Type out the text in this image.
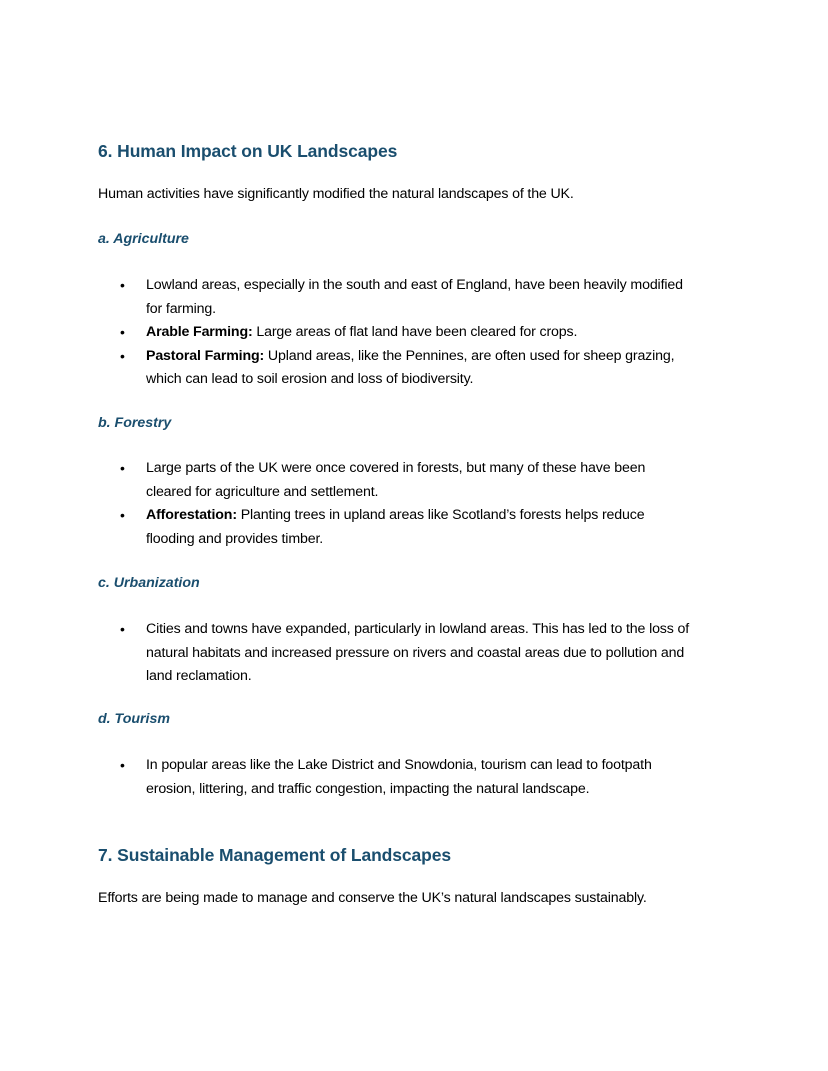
6. Human Impact on UK Landscapes
Human activities have significantly modified the natural landscapes of the UK.
a. Agriculture
• Lowland areas, especially in the south and east of England, have been heavily modified
for farming.
• Arable Farming: Large areas of flat land have been cleared for crops.
• Pastoral Farming: Upland areas, like the Pennines, are often used for sheep grazing,
which can lead to soil erosion and loss of biodiversity.
b. Forestry
• Large parts of the UK were once covered in forests, but many of these have been
cleared for agriculture and settlement.
• Afforestation: Planting trees in upland areas like Scotland’s forests helps reduce
flooding and provides timber.
c. Urbanization
• Cities and towns have expanded, particularly in lowland areas. This has led to the loss of
natural habitats and increased pressure on rivers and coastal areas due to pollution and
land reclamation.
d. Tourism
• In popular areas like the Lake District and Snowdonia, tourism can lead to footpath
erosion, littering, and traffic congestion, impacting the natural landscape.
7. Sustainable Management of Landscapes
Efforts are being made to manage and conserve the UK’s natural landscapes sustainably.
